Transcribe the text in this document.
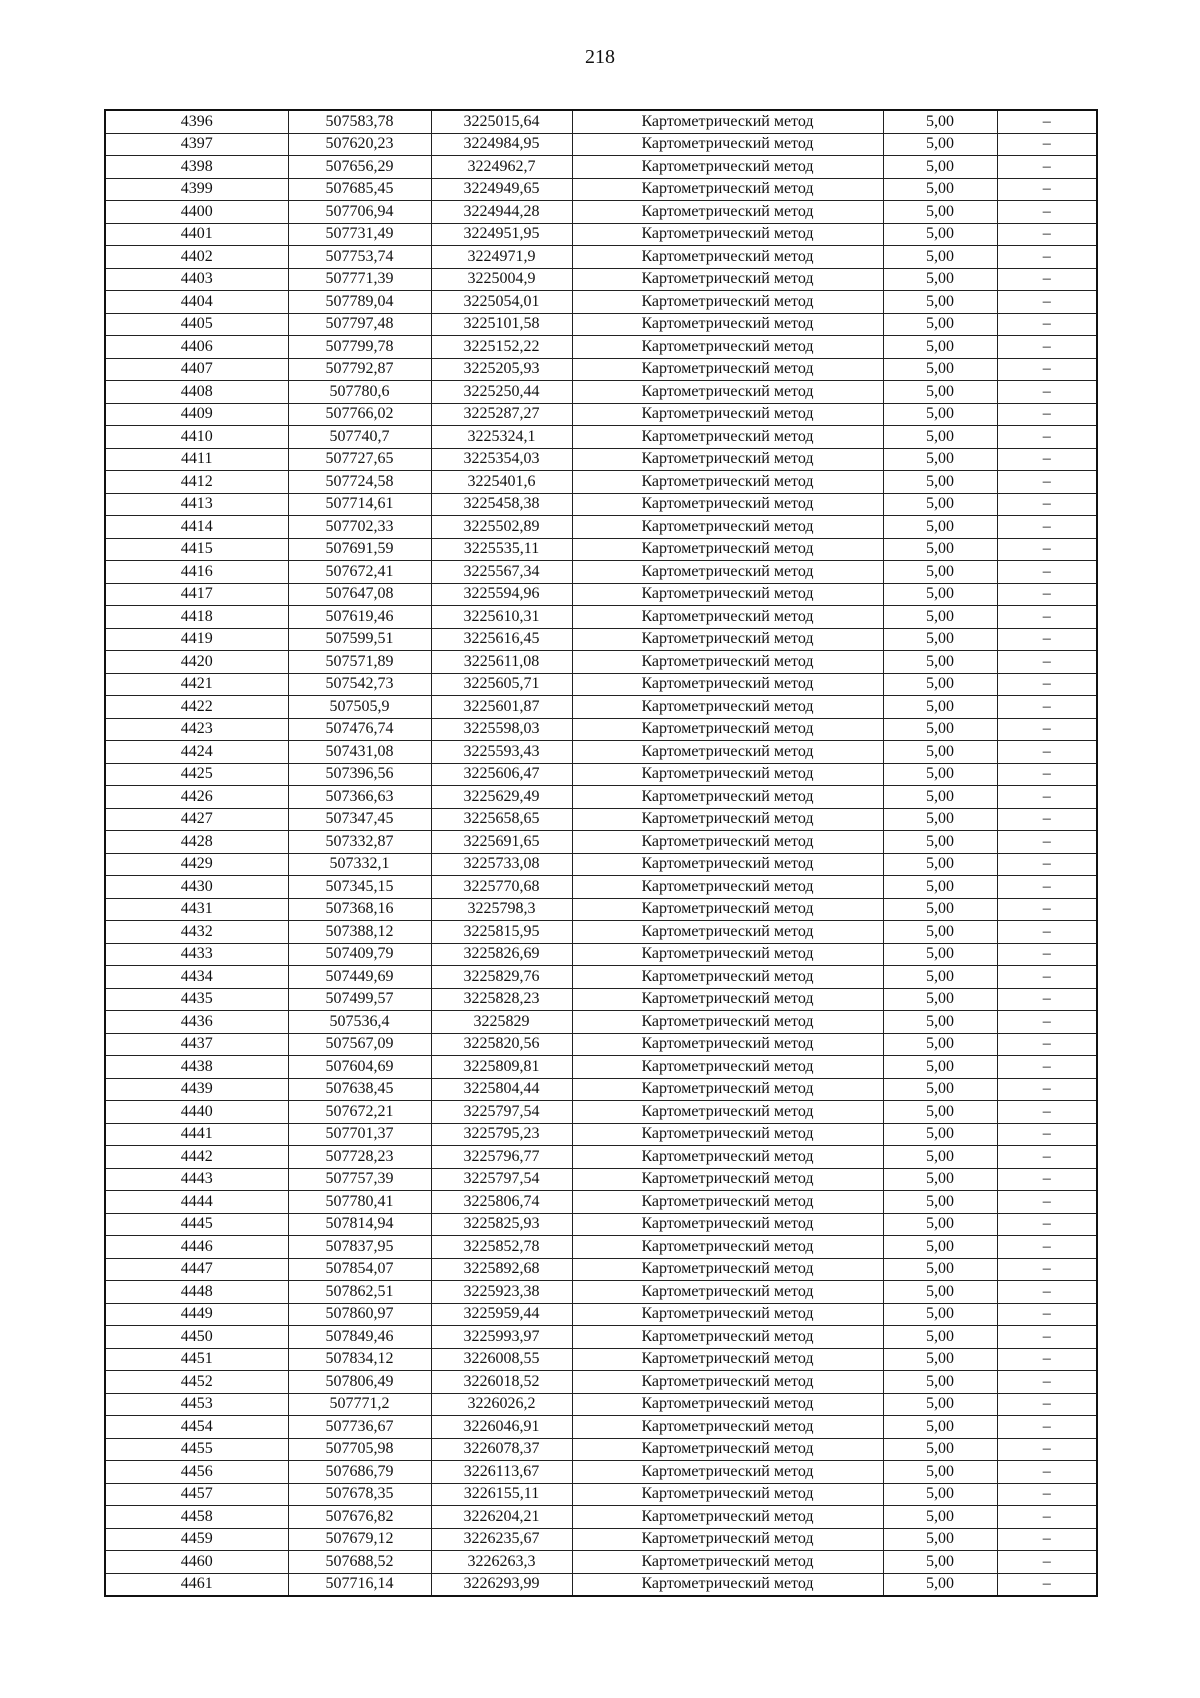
218
4396	507583,78	3225015,64	Картометрический метод	5,00	–
4397	507620,23	3224984,95	Картометрический метод	5,00	–
4398	507656,29	3224962,7	Картометрический метод	5,00	–
4399	507685,45	3224949,65	Картометрический метод	5,00	–
4400	507706,94	3224944,28	Картометрический метод	5,00	–
4401	507731,49	3224951,95	Картометрический метод	5,00	–
4402	507753,74	3224971,9	Картометрический метод	5,00	–
4403	507771,39	3225004,9	Картометрический метод	5,00	–
4404	507789,04	3225054,01	Картометрический метод	5,00	–
4405	507797,48	3225101,58	Картометрический метод	5,00	–
4406	507799,78	3225152,22	Картометрический метод	5,00	–
4407	507792,87	3225205,93	Картометрический метод	5,00	–
4408	507780,6	3225250,44	Картометрический метод	5,00	–
4409	507766,02	3225287,27	Картометрический метод	5,00	–
4410	507740,7	3225324,1	Картометрический метод	5,00	–
4411	507727,65	3225354,03	Картометрический метод	5,00	–
4412	507724,58	3225401,6	Картометрический метод	5,00	–
4413	507714,61	3225458,38	Картометрический метод	5,00	–
4414	507702,33	3225502,89	Картометрический метод	5,00	–
4415	507691,59	3225535,11	Картометрический метод	5,00	–
4416	507672,41	3225567,34	Картометрический метод	5,00	–
4417	507647,08	3225594,96	Картометрический метод	5,00	–
4418	507619,46	3225610,31	Картометрический метод	5,00	–
4419	507599,51	3225616,45	Картометрический метод	5,00	–
4420	507571,89	3225611,08	Картометрический метод	5,00	–
4421	507542,73	3225605,71	Картометрический метод	5,00	–
4422	507505,9	3225601,87	Картометрический метод	5,00	–
4423	507476,74	3225598,03	Картометрический метод	5,00	–
4424	507431,08	3225593,43	Картометрический метод	5,00	–
4425	507396,56	3225606,47	Картометрический метод	5,00	–
4426	507366,63	3225629,49	Картометрический метод	5,00	–
4427	507347,45	3225658,65	Картометрический метод	5,00	–
4428	507332,87	3225691,65	Картометрический метод	5,00	–
4429	507332,1	3225733,08	Картометрический метод	5,00	–
4430	507345,15	3225770,68	Картометрический метод	5,00	–
4431	507368,16	3225798,3	Картометрический метод	5,00	–
4432	507388,12	3225815,95	Картометрический метод	5,00	–
4433	507409,79	3225826,69	Картометрический метод	5,00	–
4434	507449,69	3225829,76	Картометрический метод	5,00	–
4435	507499,57	3225828,23	Картометрический метод	5,00	–
4436	507536,4	3225829	Картометрический метод	5,00	–
4437	507567,09	3225820,56	Картометрический метод	5,00	–
4438	507604,69	3225809,81	Картометрический метод	5,00	–
4439	507638,45	3225804,44	Картометрический метод	5,00	–
4440	507672,21	3225797,54	Картометрический метод	5,00	–
4441	507701,37	3225795,23	Картометрический метод	5,00	–
4442	507728,23	3225796,77	Картометрический метод	5,00	–
4443	507757,39	3225797,54	Картометрический метод	5,00	–
4444	507780,41	3225806,74	Картометрический метод	5,00	–
4445	507814,94	3225825,93	Картометрический метод	5,00	–
4446	507837,95	3225852,78	Картометрический метод	5,00	–
4447	507854,07	3225892,68	Картометрический метод	5,00	–
4448	507862,51	3225923,38	Картометрический метод	5,00	–
4449	507860,97	3225959,44	Картометрический метод	5,00	–
4450	507849,46	3225993,97	Картометрический метод	5,00	–
4451	507834,12	3226008,55	Картометрический метод	5,00	–
4452	507806,49	3226018,52	Картометрический метод	5,00	–
4453	507771,2	3226026,2	Картометрический метод	5,00	–
4454	507736,67	3226046,91	Картометрический метод	5,00	–
4455	507705,98	3226078,37	Картометрический метод	5,00	–
4456	507686,79	3226113,67	Картометрический метод	5,00	–
4457	507678,35	3226155,11	Картометрический метод	5,00	–
4458	507676,82	3226204,21	Картометрический метод	5,00	–
4459	507679,12	3226235,67	Картометрический метод	5,00	–
4460	507688,52	3226263,3	Картометрический метод	5,00	–
4461	507716,14	3226293,99	Картометрический метод	5,00	–
